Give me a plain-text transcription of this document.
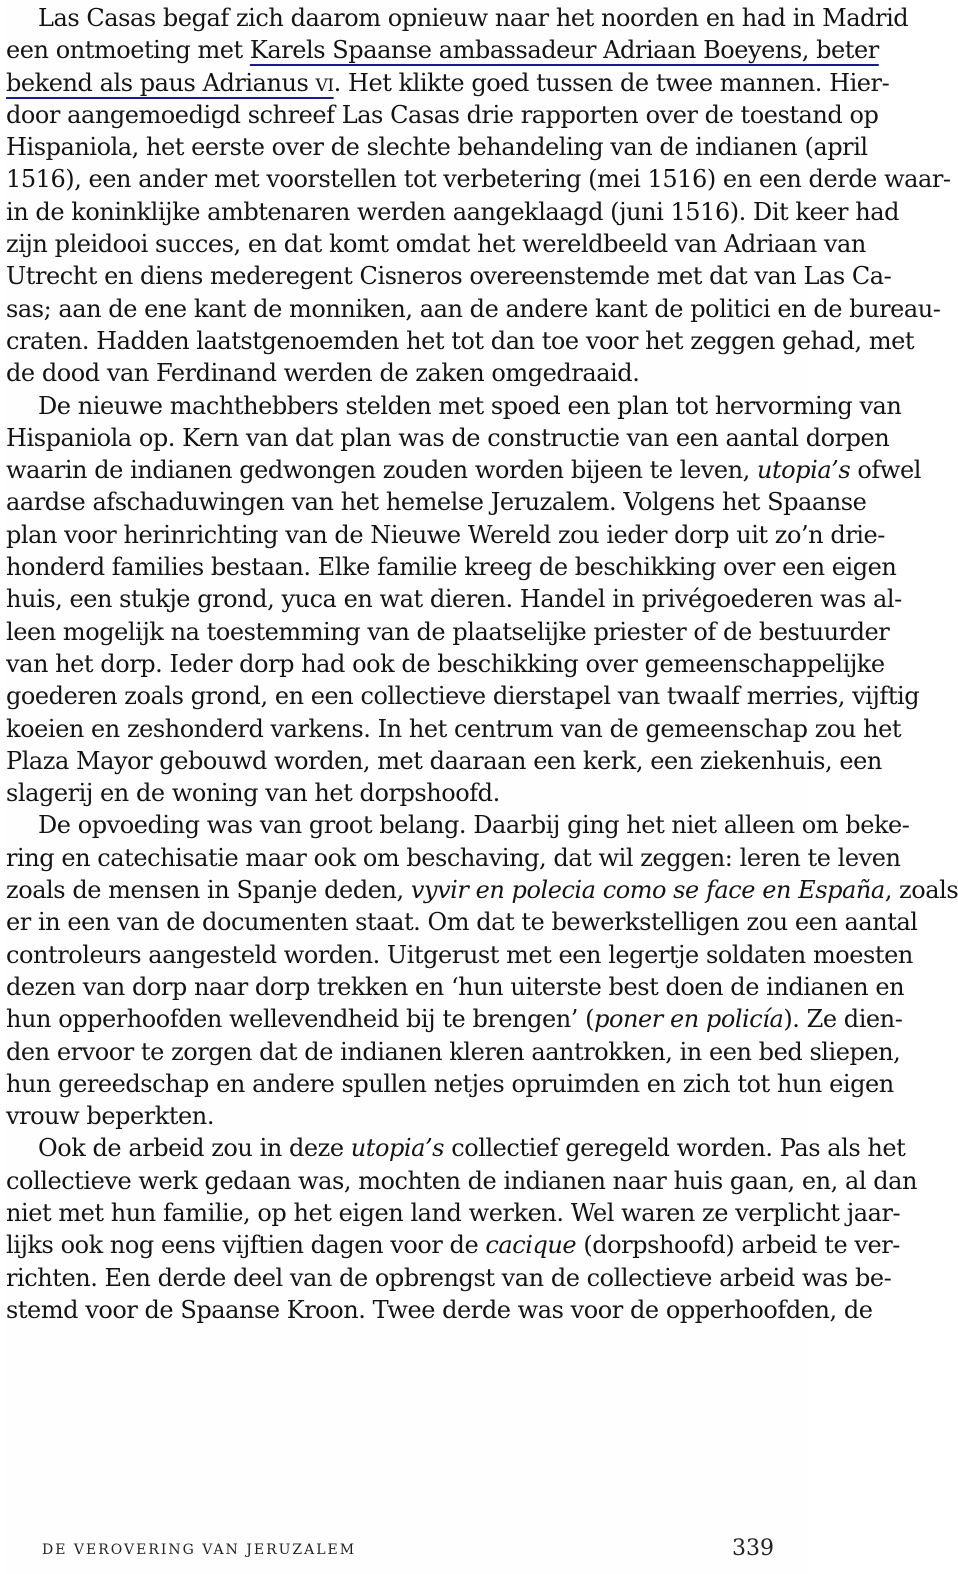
Las Casas begaf zich daarom opnieuw naar het noorden en had in Madrid
een ontmoeting met Karels Spaanse ambassadeur Adriaan Boeyens, beter
bekend als paus Adrianus vi. Het klikte goed tussen de twee mannen. Hier-
door aangemoedigd schreef Las Casas drie rapporten over de toestand op
Hispaniola, het eerste over de slechte behandeling van de indianen (april
1516), een ander met voorstellen tot verbetering (mei 1516) en een derde waar-
in de koninklijke ambtenaren werden aangeklaagd (juni 1516). Dit keer had
zijn pleidooi succes, en dat komt omdat het wereldbeeld van Adriaan van
Utrecht en diens mederegent Cisneros overeenstemde met dat van Las Ca-
sas; aan de ene kant de monniken, aan de andere kant de politici en de bureau-
craten. Hadden laatstgenoemden het tot dan toe voor het zeggen gehad, met
de dood van Ferdinand werden de zaken omgedraaid.

De nieuwe machthebbers stelden met spoed een plan tot hervorming van
Hispaniola op. Kern van dat plan was de constructie van een aantal dorpen
waarin de indianen gedwongen zouden worden bijeen te leven, utopia’s ofwel
aardse afschaduwingen van het hemelse Jeruzalem. Volgens het Spaanse
plan voor herinrichting van de Nieuwe Wereld zou ieder dorp uit zo’n drie-
honderd families bestaan. Elke familie kreeg de beschikking over een eigen
huis, een stukje grond, yuca en wat dieren. Handel in privégoederen was al-
leen mogelijk na toestemming van de plaatselijke priester of de bestuurder
van het dorp. Ieder dorp had ook de beschikking over gemeenschappelijke
goederen zoals grond, en een collectieve dierstapel van twaalf merries, vijftig
koeien en zeshonderd varkens. In het centrum van de gemeenschap zou het
Plaza Mayor gebouwd worden, met daaraan een kerk, een ziekenhuis, een
slagerij en de woning van het dorpshoofd.

De opvoeding was van groot belang. Daarbij ging het niet alleen om beke-
ring en catechisatie maar ook om beschaving, dat wil zeggen: leren te leven
zoals de mensen in Spanje deden, vyvir en polecia como se face en España, zoals
er in een van de documenten staat. Om dat te bewerkstelligen zou een aantal
controleurs aangesteld worden. Uitgerust met een legertje soldaten moesten
dezen van dorp naar dorp trekken en ‘hun uiterste best doen de indianen en
hun opperhoofden wellevendheid bij te brengen’ (poner en policía). Ze dien-
den ervoor te zorgen dat de indianen kleren aantrokken, in een bed sliepen,
hun gereedschap en andere spullen netjes opruimden en zich tot hun eigen
vrouw beperkten.

Ook de arbeid zou in deze utopia’s collectief geregeld worden. Pas als het
collectieve werk gedaan was, mochten de indianen naar huis gaan, en, al dan
niet met hun familie, op het eigen land werken. Wel waren ze verplicht jaar-
lijks ook nog eens vijftien dagen voor de cacique (dorpshoofd) arbeid te ver-
richten. Een derde deel van de opbrengst van de collectieve arbeid was be-
stemd voor de Spaanse Kroon. Twee derde was voor de opperhoofden, de

DE VEROVERING VAN JERUZALEM	339
